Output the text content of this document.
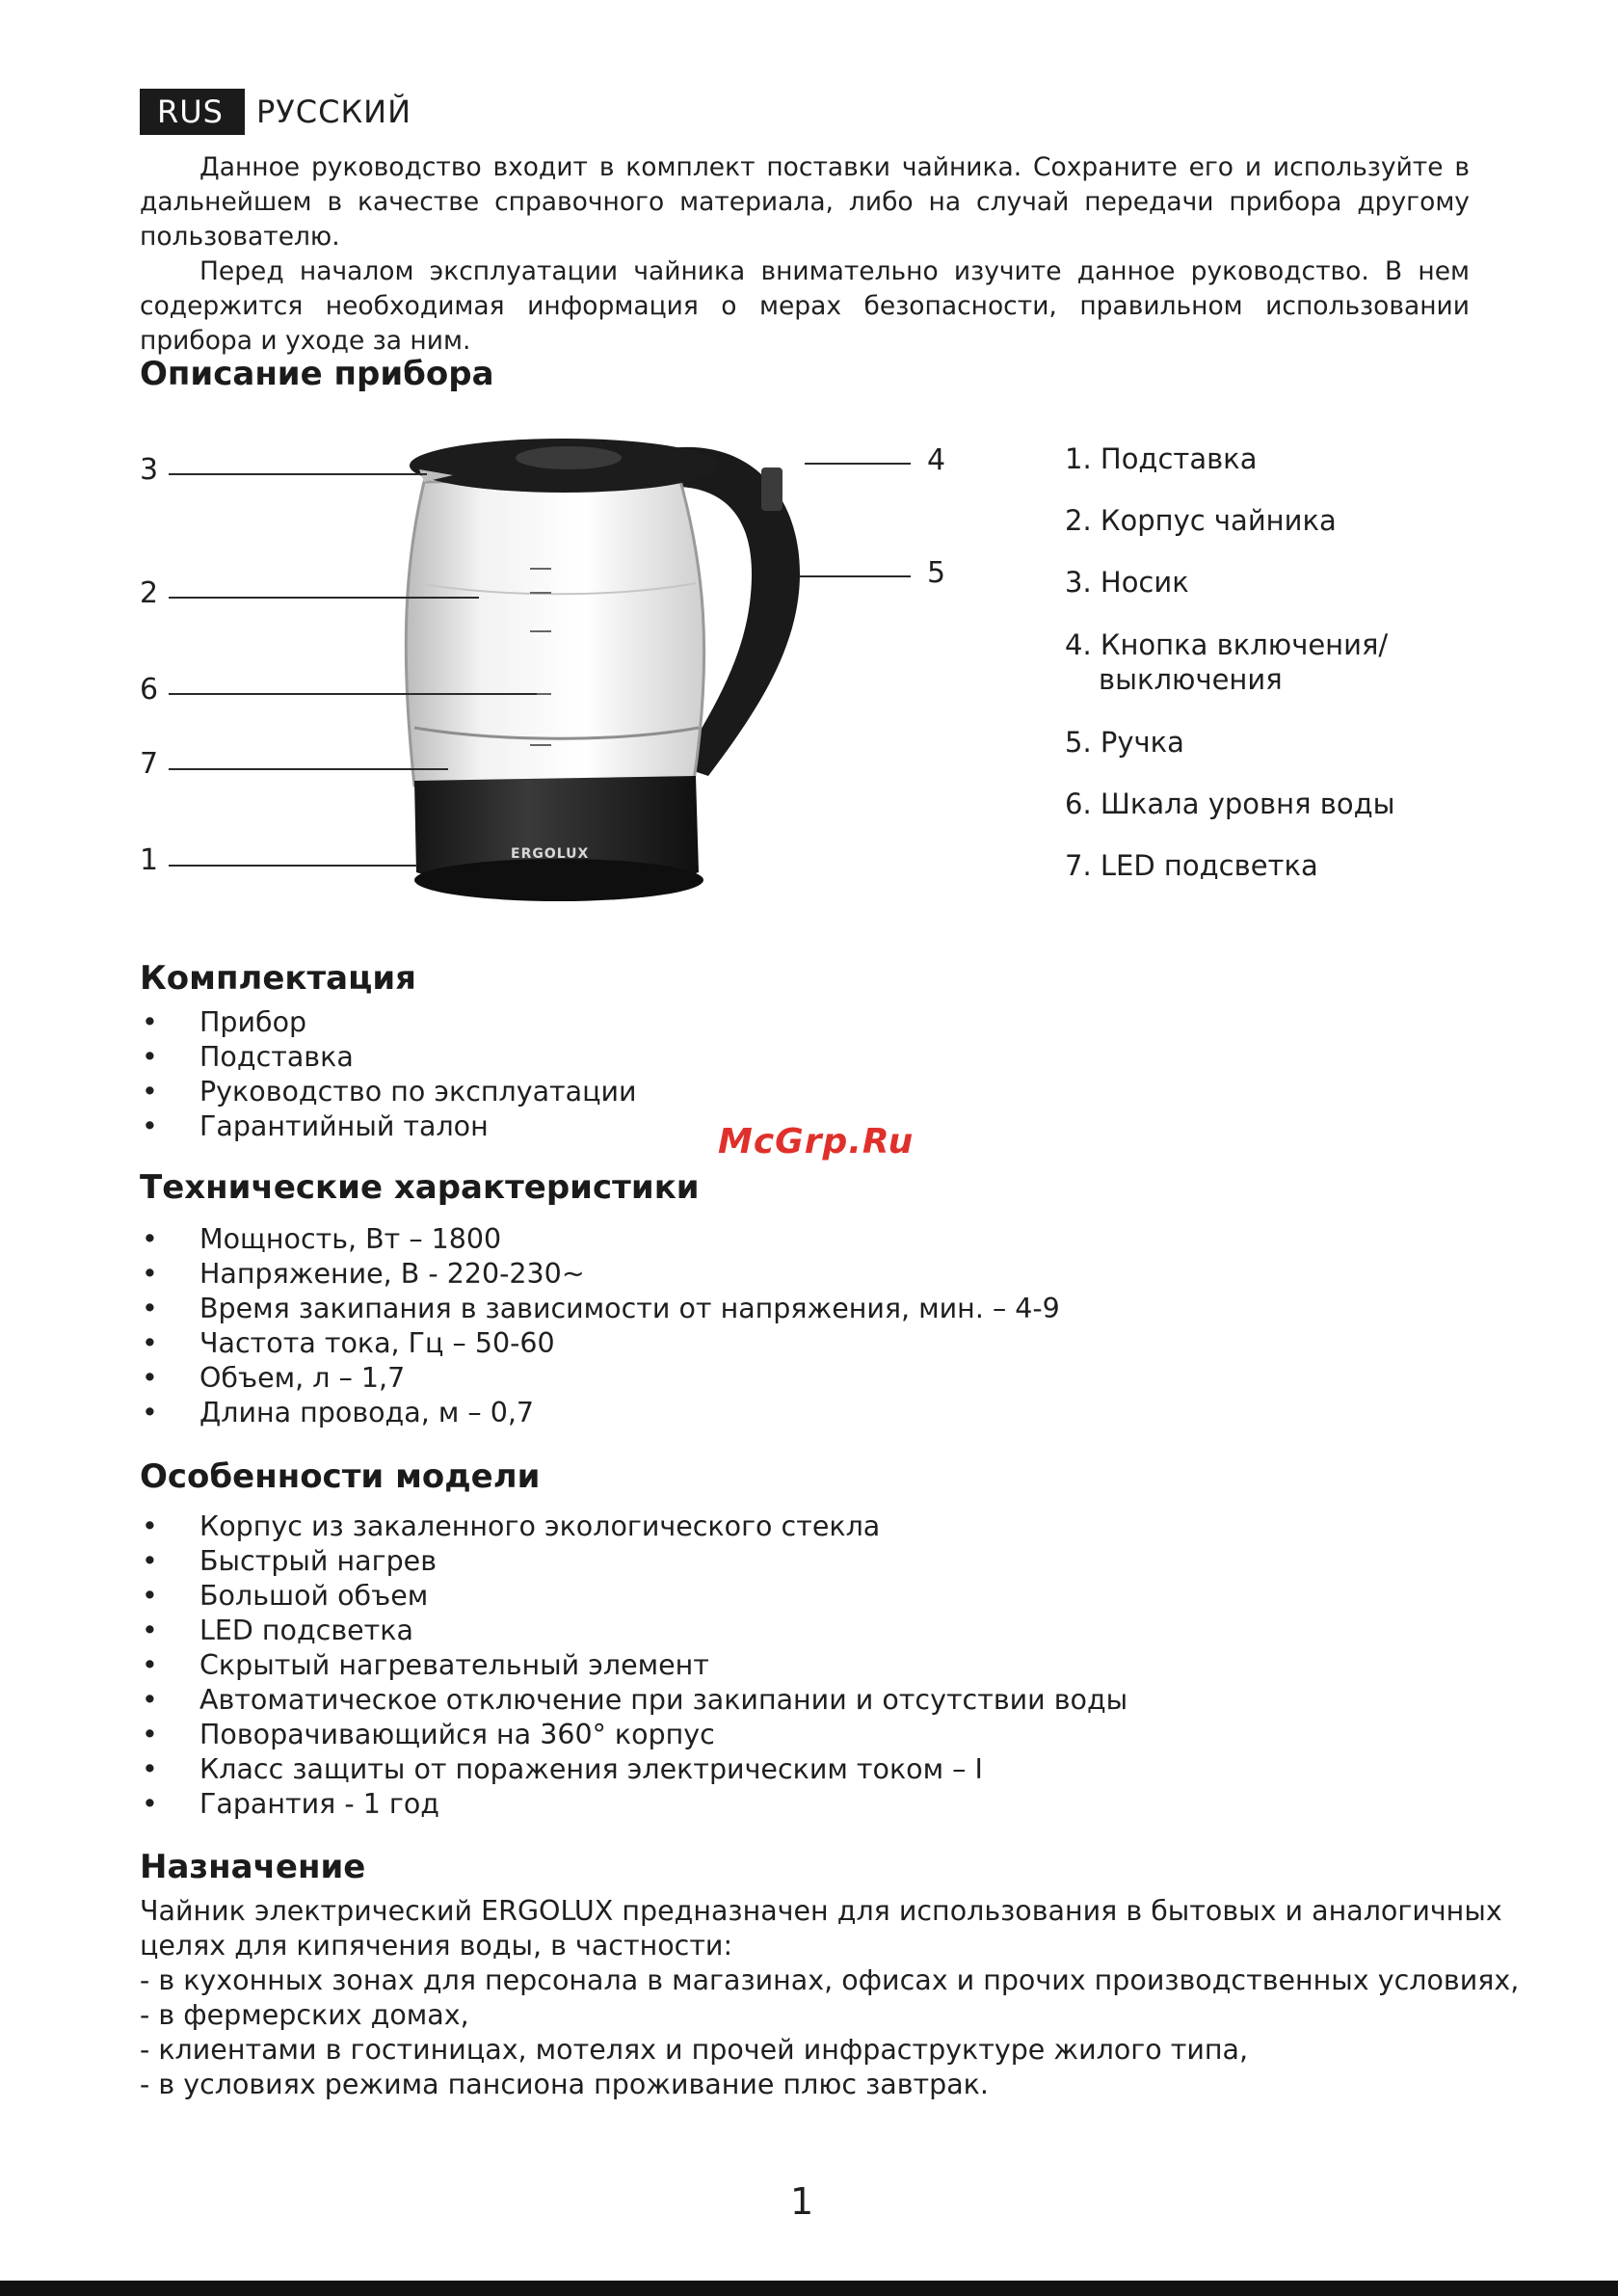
RUS	РУССКИЙ

Данное руководство входит в комплект поставки чайника. Сохраните его и используйте в дальнейшем в качестве справочного материала, либо на случай передачи прибора другому пользователю.

Перед началом эксплуатации чайника внимательно изучите данное руководство. В нем содержится необходимая информация о мерах безопасности, правильном использовании прибора и уходе за ним.

Описание прибора
ERGOLUX
3
2
6
7
1
4
5
1. Подставка
2. Корпус чайника
3. Носик
4. Кнопка включения/
выключения
5. Ручка
6. Шкала уровня воды
7. LED подсветка
Комплектация
• Прибор
• Подставка
• Руководство по эксплуатации
• Гарантийный талон	McGrp.Ru
Технические характеристики
• Мощность, Вт – 1800
• Напряжение, В - 220-230~
• Время закипания в зависимости от напряжения, мин. – 4-9
• Частота тока, Гц – 50-60
• Объем, л – 1,7
• Длина провода, м – 0,7
Особенности модели
• Корпус из закаленного экологического стекла
• Быстрый нагрев
• Большой объем
• LED подсветка
• Скрытый нагревательный элемент
• Автоматическое отключение при закипании и отсутствии воды
• Поворачивающийся на 360° корпус
• Класс защиты от поражения электрическим током – I
• Гарантия - 1 год
Назначение
Чайник электрический ERGOLUX предназначен для использования в бытовых и аналогичных
целях для кипячения воды, в частности:
- в кухонных зонах для персонала в магазинах, офисах и прочих производственных условиях,
- в фермерских домах,
- клиентами в гостиницах, мотелях и прочей инфраструктуре жилого типа,
- в условиях режима пансиона проживание плюс завтрак.
1
